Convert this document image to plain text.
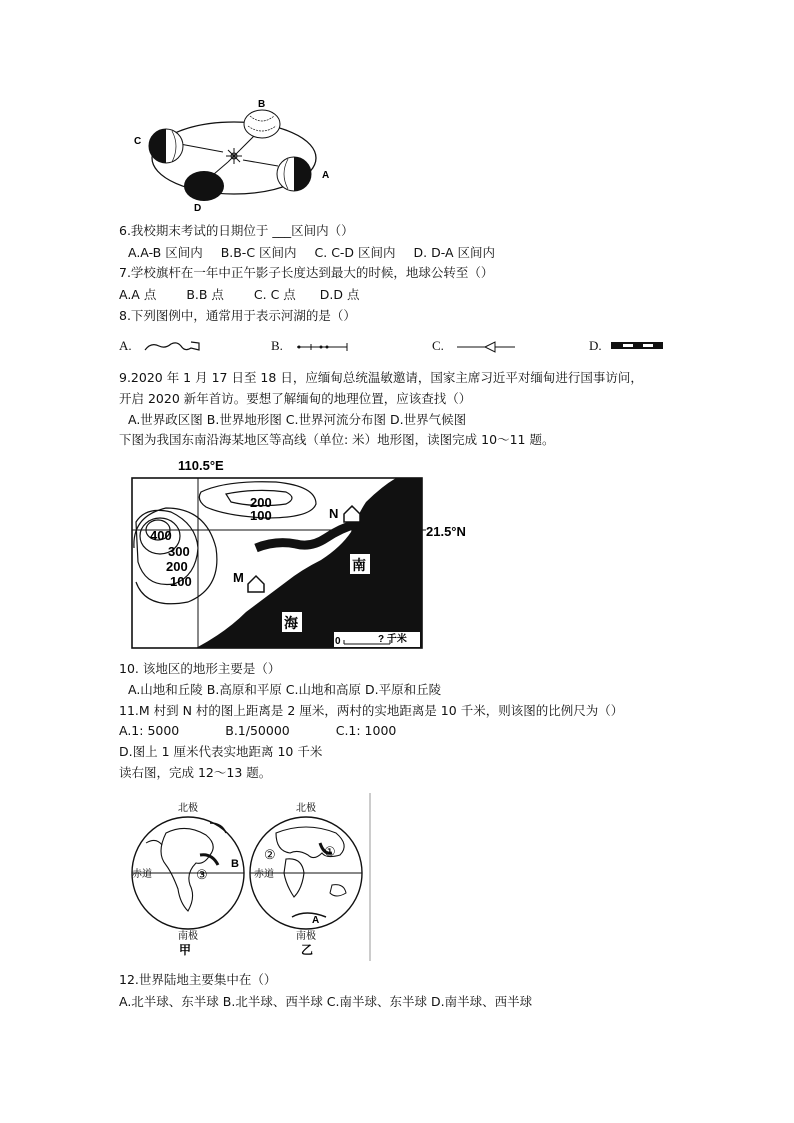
C
B
A
D
6.我校期末考试的日期位于 ___区间内（）
A.A-B 区间内 B.B-C 区间内 C. C-D 区间内 D. D-A 区间内
7.学校旗杆在一年中正午影子长度达到最大的时候，地球公转至（）
A.A 点 B.B 点 C. C 点 D.D 点
8.下列图例中，通常用于表示河湖的是（）
A.	B.	C.	D.
9.2020 年 1 月 17 日至 18 日，应缅甸总统温敏邀请，国家主席习近平对缅甸进行国事访问，
开启 2020 新年首访。要想了解缅甸的地理位置，应该查找（）
A.世界政区图 B.世界地形图 C.世界河流分布图 D.世界气候图
下图为我国东南沿海某地区等高线（单位: 米）地形图，读图完成 10～11 题。
110.5°E
21.5°N
200
100
400
300
200
100
N
M
南
海
0	? 千米
10. 该地区的地形主要是（）
A.山地和丘陵 B.高原和平原 C.山地和高原 D.平原和丘陵
11.M 村到 N 村的图上距离是 2 厘米，两村的实地距离是 10 千米，则该图的比例尺为（）
A.1: 5000	B.1/50000	C.1: 1000
D.图上 1 厘米代表实地距离 10 千米
读右图，完成 12～13 题。
北极
赤道
B
③
南极
甲
北极
赤道
②	①
A
南极
乙
12.世界陆地主要集中在（）
A.北半球、东半球 B.北半球、西半球 C.南半球、东半球 D.南半球、西半球
